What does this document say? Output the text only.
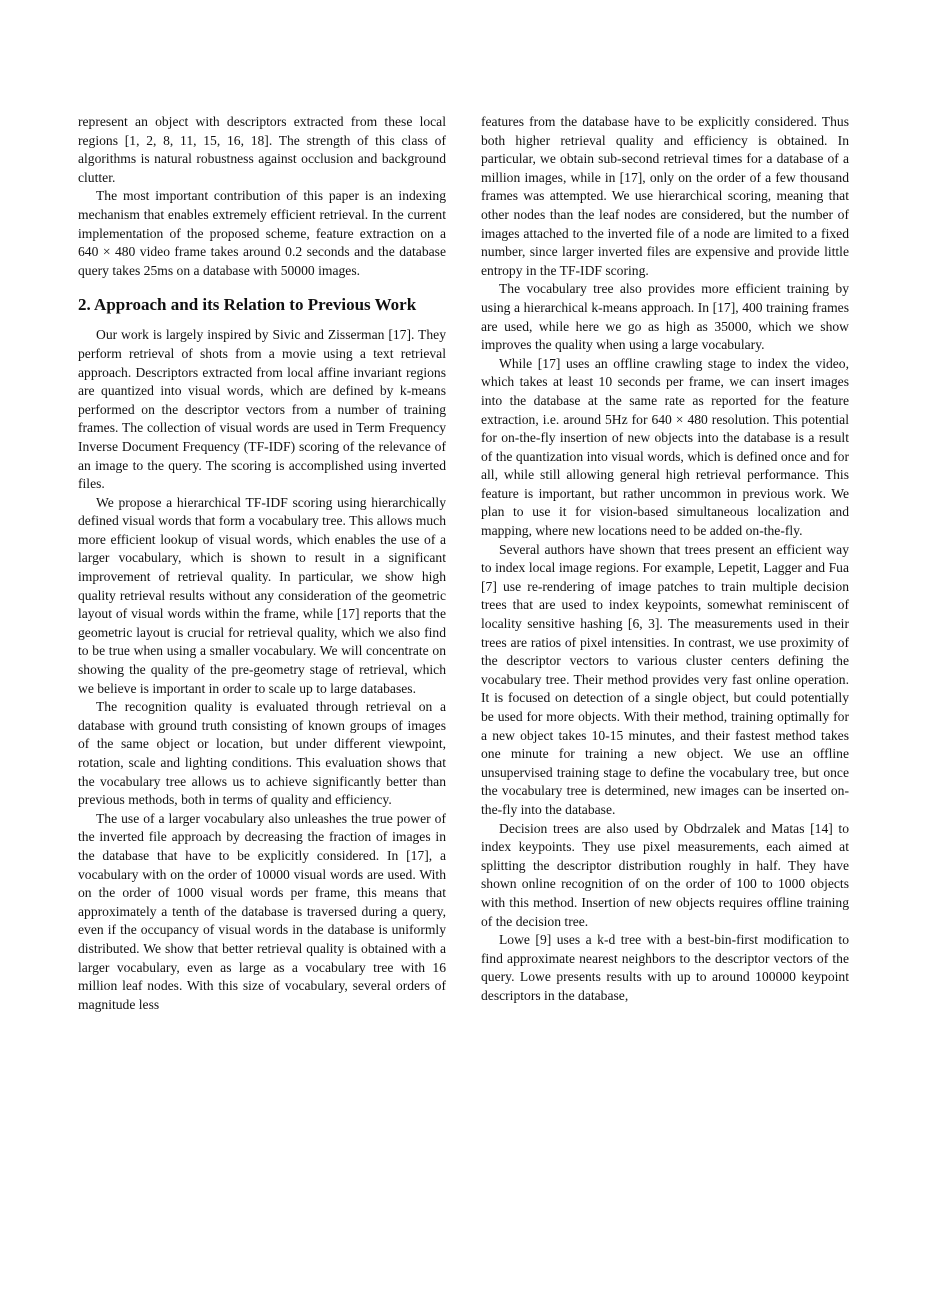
represent an object with descriptors extracted from these local regions [1, 2, 8, 11, 15, 16, 18]. The strength of this class of algorithms is natural robustness against occlusion and background clutter.

The most important contribution of this paper is an indexing mechanism that enables extremely efficient retrieval. In the current implementation of the proposed scheme, feature extraction on a 640 × 480 video frame takes around 0.2 seconds and the database query takes 25ms on a database with 50000 images.

2. Approach and its Relation to Previous Work

Our work is largely inspired by Sivic and Zisserman [17]. They perform retrieval of shots from a movie using a text retrieval approach. Descriptors extracted from local affine invariant regions are quantized into visual words, which are defined by k-means performed on the descriptor vectors from a number of training frames. The collection of visual words are used in Term Frequency Inverse Document Frequency (TF-IDF) scoring of the relevance of an image to the query. The scoring is accomplished using inverted files.

We propose a hierarchical TF-IDF scoring using hierarchically defined visual words that form a vocabulary tree. This allows much more efficient lookup of visual words, which enables the use of a larger vocabulary, which is shown to result in a significant improvement of retrieval quality. In particular, we show high quality retrieval results without any consideration of the geometric layout of visual words within the frame, while [17] reports that the geometric layout is crucial for retrieval quality, which we also find to be true when using a smaller vocabulary. We will concentrate on showing the quality of the pre-geometry stage of retrieval, which we believe is important in order to scale up to large databases.

The recognition quality is evaluated through retrieval on a database with ground truth consisting of known groups of images of the same object or location, but under different viewpoint, rotation, scale and lighting conditions. This evaluation shows that the vocabulary tree allows us to achieve significantly better than previous methods, both in terms of quality and efficiency.

The use of a larger vocabulary also unleashes the true power of the inverted file approach by decreasing the fraction of images in the database that have to be explicitly considered. In [17], a vocabulary with on the order of 10000 visual words are used. With on the order of 1000 visual words per frame, this means that approximately a tenth of the database is traversed during a query, even if the occupancy of visual words in the database is uniformly distributed. We show that better retrieval quality is obtained with a larger vocabulary, even as large as a vocabulary tree with 16 million leaf nodes. With this size of vocabulary, several orders of magnitude less

features from the database have to be explicitly considered. Thus both higher retrieval quality and efficiency is obtained. In particular, we obtain sub-second retrieval times for a database of a million images, while in [17], only on the order of a few thousand frames was attempted. We use hierarchical scoring, meaning that other nodes than the leaf nodes are considered, but the number of images attached to the inverted file of a node are limited to a fixed number, since larger inverted files are expensive and provide little entropy in the TF-IDF scoring.

The vocabulary tree also provides more efficient training by using a hierarchical k-means approach. In [17], 400 training frames are used, while here we go as high as 35000, which we show improves the quality when using a large vocabulary.

While [17] uses an offline crawling stage to index the video, which takes at least 10 seconds per frame, we can insert images into the database at the same rate as reported for the feature extraction, i.e. around 5Hz for 640 × 480 resolution. This potential for on-the-fly insertion of new objects into the database is a result of the quantization into visual words, which is defined once and for all, while still allowing general high retrieval performance. This feature is important, but rather uncommon in previous work. We plan to use it for vision-based simultaneous localization and mapping, where new locations need to be added on-the-fly.

Several authors have shown that trees present an efficient way to index local image regions. For example, Lepetit, Lagger and Fua [7] use re-rendering of image patches to train multiple decision trees that are used to index keypoints, somewhat reminiscent of locality sensitive hashing [6, 3]. The measurements used in their trees are ratios of pixel intensities. In contrast, we use proximity of the descriptor vectors to various cluster centers defining the vocabulary tree. Their method provides very fast online operation. It is focused on detection of a single object, but could potentially be used for more objects. With their method, training optimally for a new object takes 10-15 minutes, and their fastest method takes one minute for training a new object. We use an offline unsupervised training stage to define the vocabulary tree, but once the vocabulary tree is determined, new images can be inserted on-the-fly into the database.

Decision trees are also used by Obdrzalek and Matas [14] to index keypoints. They use pixel measurements, each aimed at splitting the descriptor distribution roughly in half. They have shown online recognition of on the order of 100 to 1000 objects with this method. Insertion of new objects requires offline training of the decision tree.

Lowe [9] uses a k-d tree with a best-bin-first modification to find approximate nearest neighbors to the descriptor vectors of the query. Lowe presents results with up to around 100000 keypoint descriptors in the database,
